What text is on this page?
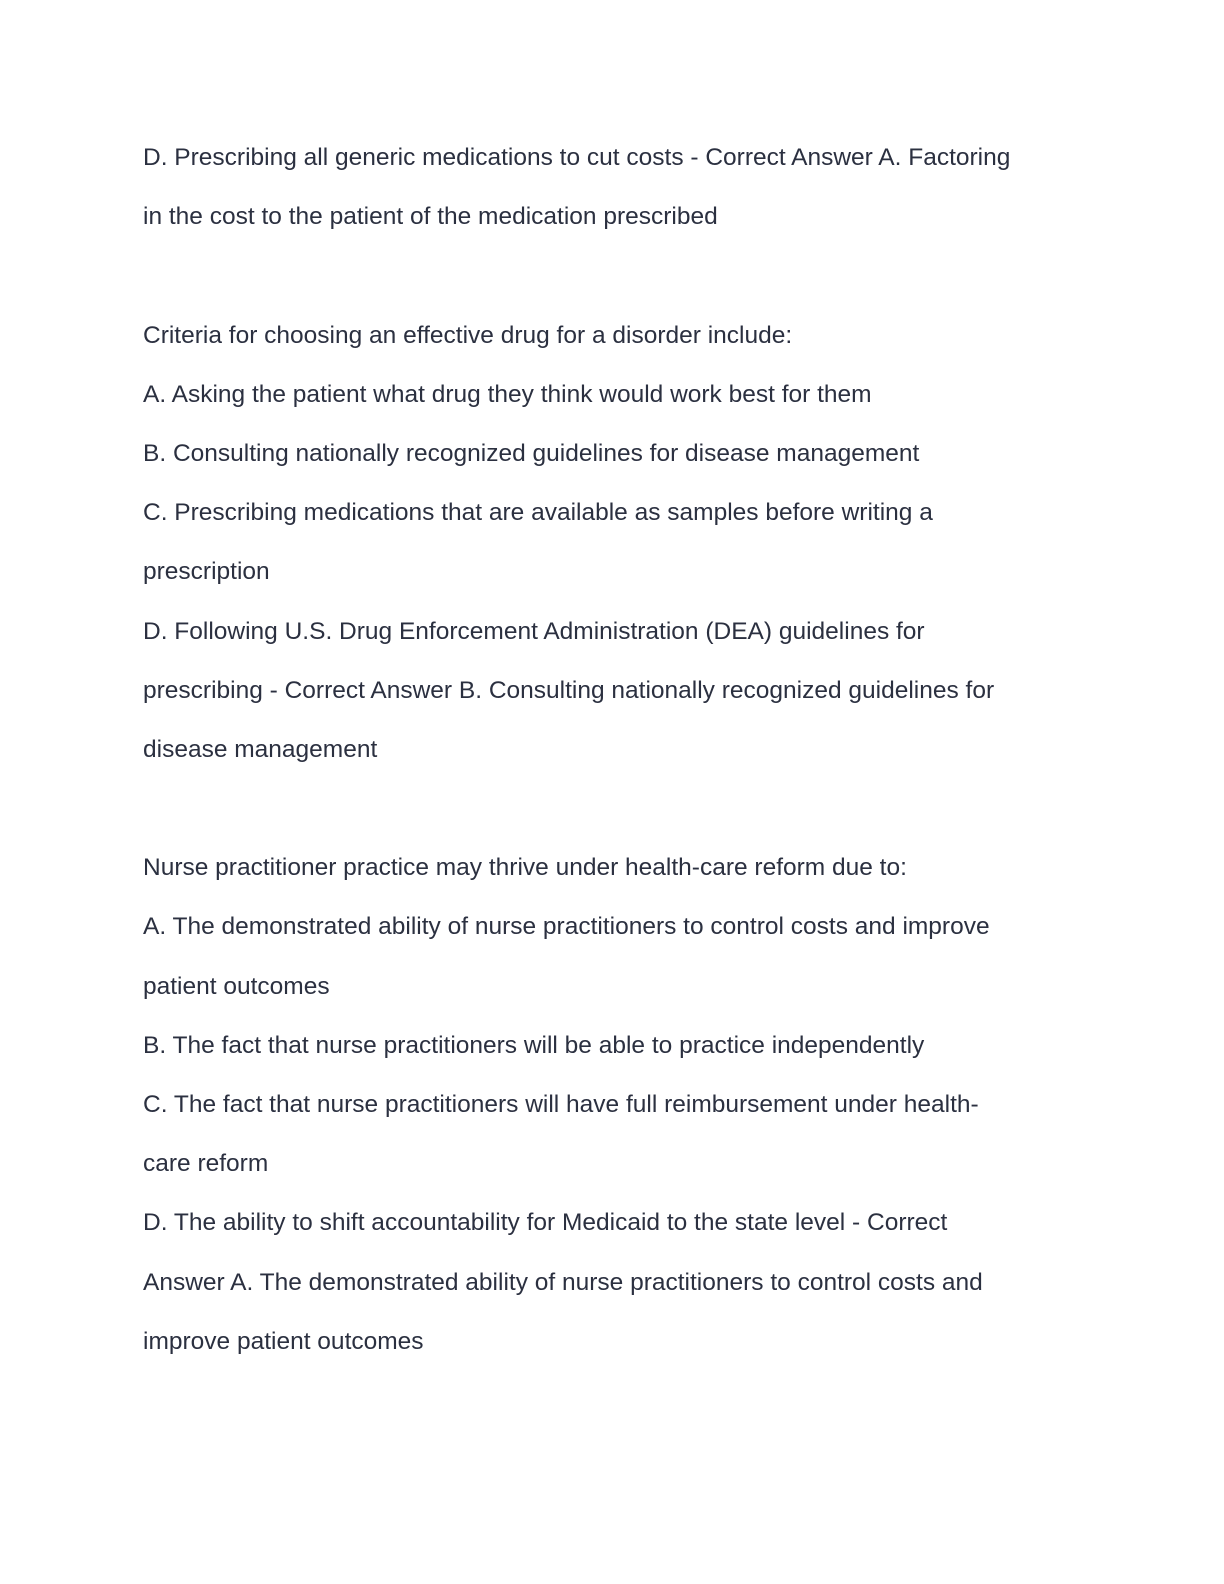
D. Prescribing all generic medications to cut costs - Correct Answer A. Factoring
in the cost to the patient of the medication prescribed
Criteria for choosing an effective drug for a disorder include:
A. Asking the patient what drug they think would work best for them
B. Consulting nationally recognized guidelines for disease management
C. Prescribing medications that are available as samples before writing a
prescription
D. Following U.S. Drug Enforcement Administration (DEA) guidelines for
prescribing - Correct Answer B. Consulting nationally recognized guidelines for
disease management
Nurse practitioner practice may thrive under health-care reform due to:
A. The demonstrated ability of nurse practitioners to control costs and improve
patient outcomes
B. The fact that nurse practitioners will be able to practice independently
C. The fact that nurse practitioners will have full reimbursement under health-
care reform
D. The ability to shift accountability for Medicaid to the state level - Correct
Answer A. The demonstrated ability of nurse practitioners to control costs and
improve patient outcomes
